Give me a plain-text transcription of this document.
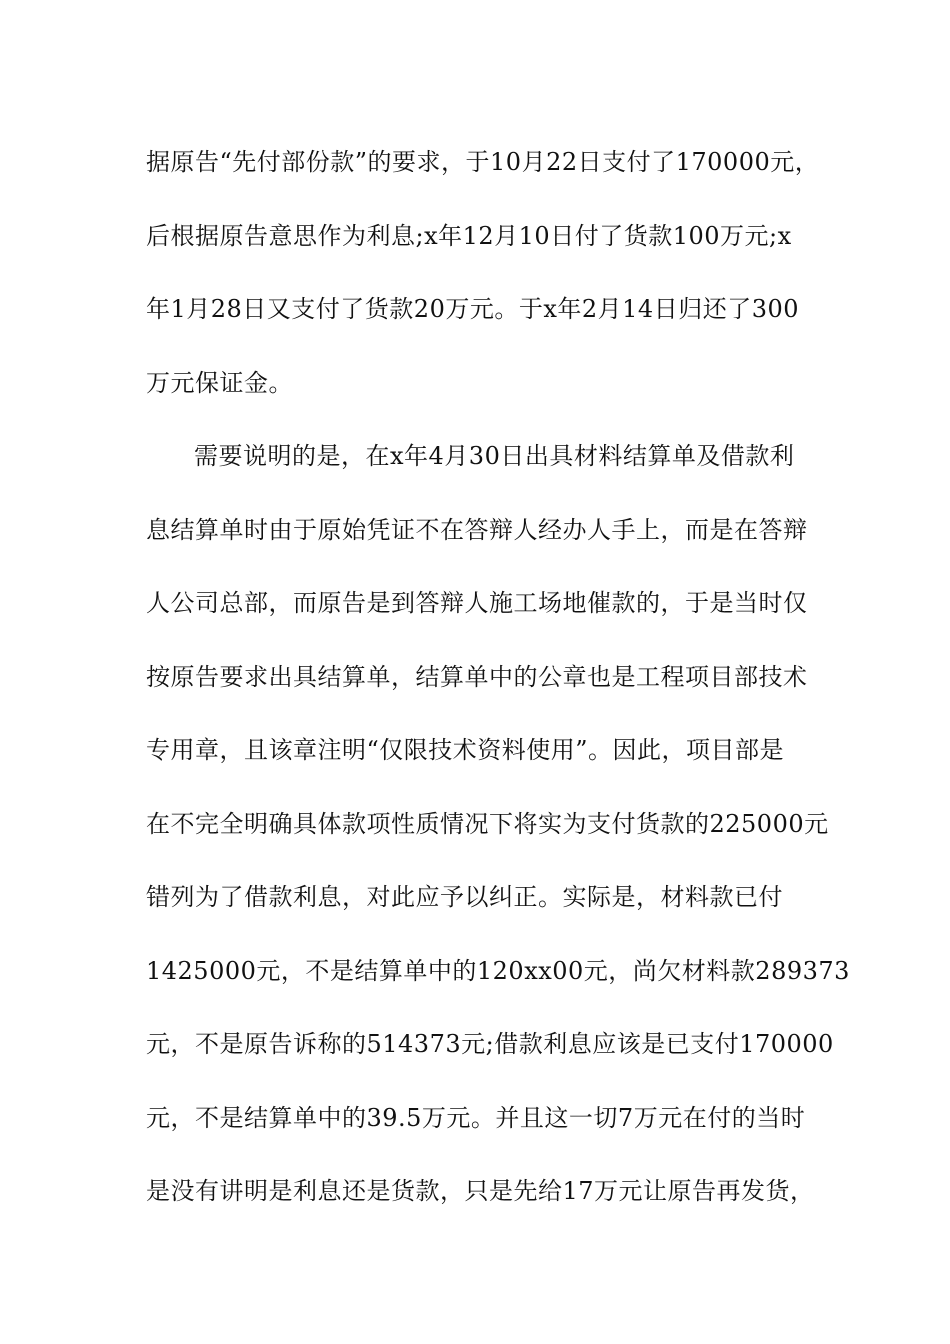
据原告“先付部份款”的要求，于10月22日支付了170000元，
后根据原告意思作为利息;x年12月10日付了货款100万元;x
年1月28日又支付了货款20万元。于x年2月14日归还了300
万元保证金。
需要说明的是，在x年4月30日出具材料结算单及借款利
息结算单时由于原始凭证不在答辩人经办人手上，而是在答辩
人公司总部，而原告是到答辩人施工场地催款的，于是当时仅
按原告要求出具结算单，结算单中的公章也是工程项目部技术
专用章，且该章注明“仅限技术资料使用”。因此，项目部是
在不完全明确具体款项性质情况下将实为支付货款的225000元
错列为了借款利息，对此应予以纠正。实际是，材料款已付
1425000元，不是结算单中的120xx00元，尚欠材料款289373
元，不是原告诉称的514373元;借款利息应该是已支付170000
元，不是结算单中的39.5万元。并且这一切7万元在付的当时
是没有讲明是利息还是货款，只是先给17万元让原告再发货，
